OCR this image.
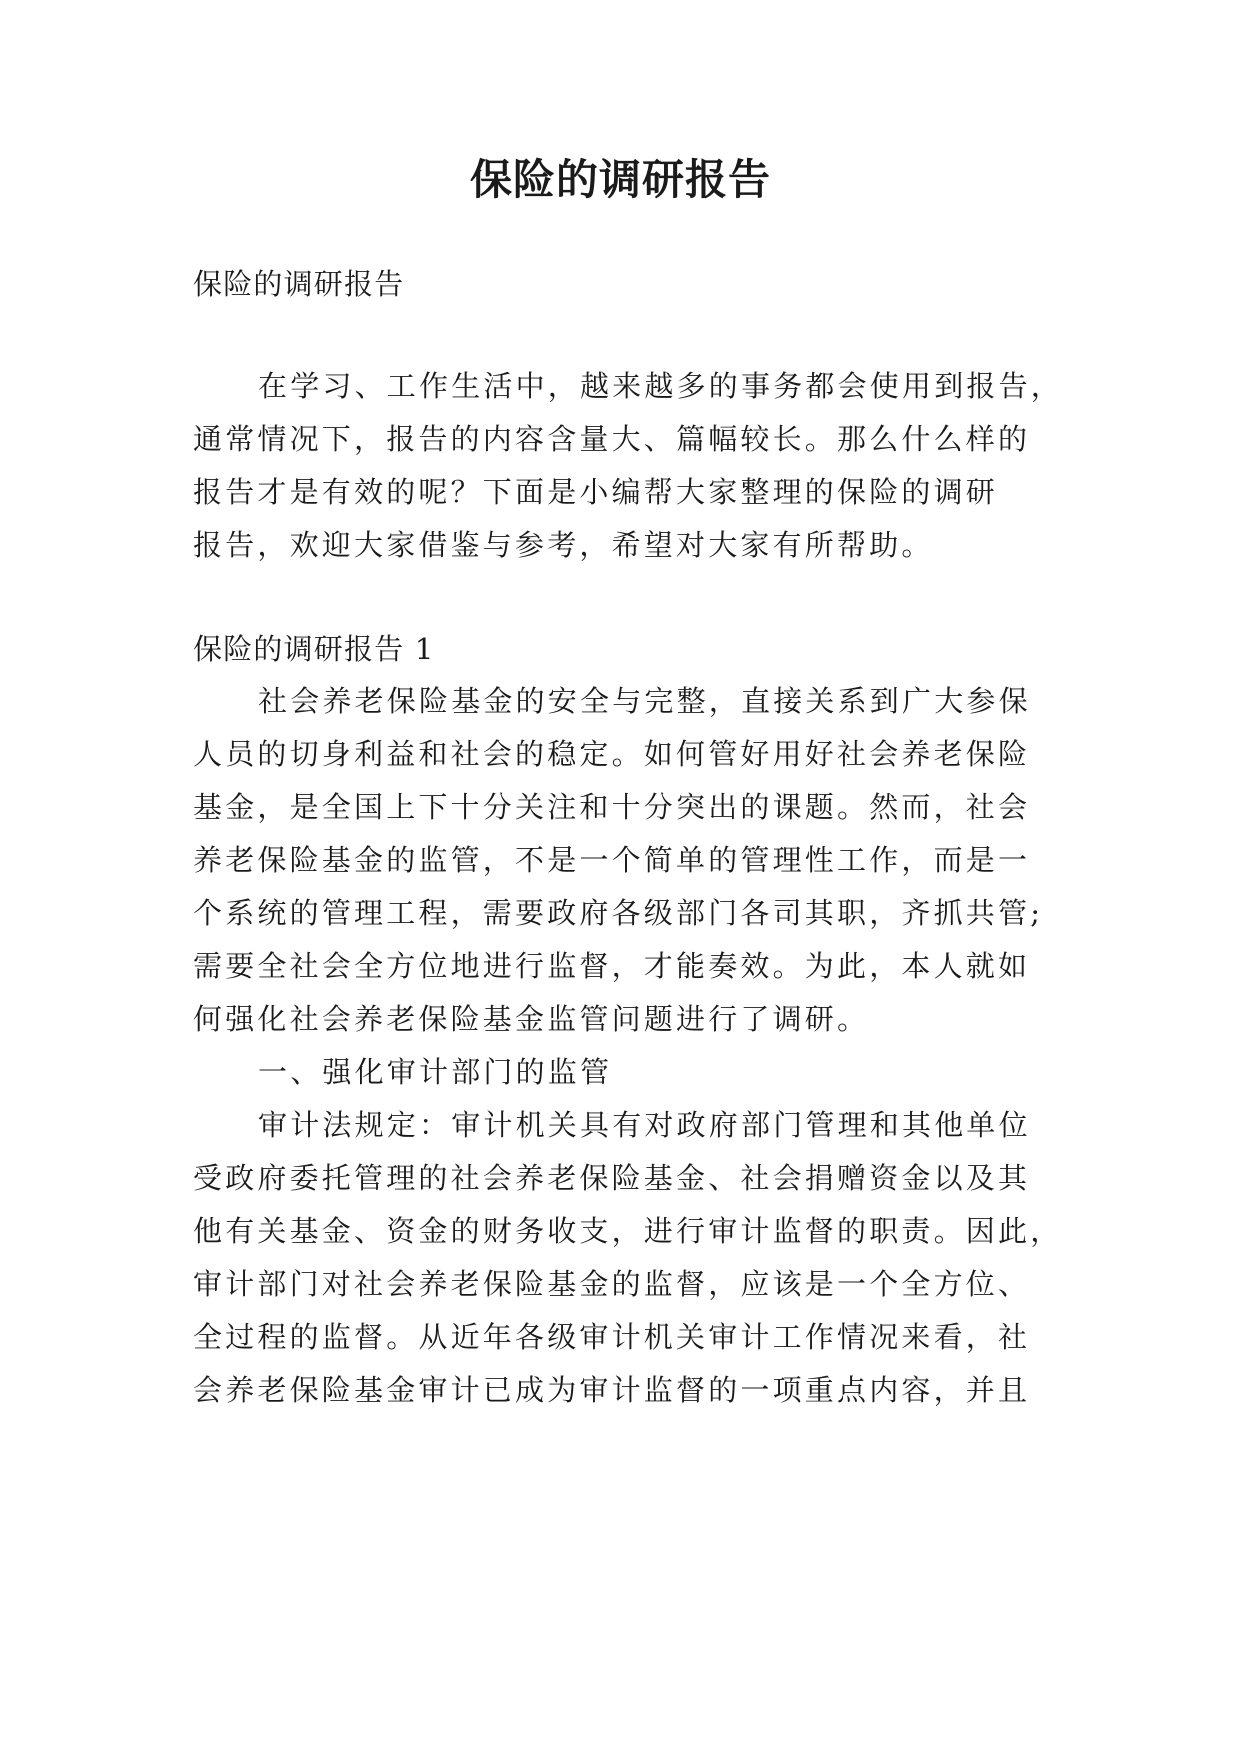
保险的调研报告

保险的调研报告

在学习、工作生活中，越来越多的事务都会使用到报告，

通常情况下，报告的内容含量大、篇幅较长。那么什么样的

报告才是有效的呢？下面是小编帮大家整理的保险的调研

报告，欢迎大家借鉴与参考，希望对大家有所帮助。

保险的调研报告 1

社会养老保险基金的安全与完整，直接关系到广大参保

人员的切身利益和社会的稳定。如何管好用好社会养老保险

基金，是全国上下十分关注和十分突出的课题。然而，社会

养老保险基金的监管，不是一个简单的管理性工作，而是一

个系统的管理工程，需要政府各级部门各司其职，齐抓共管;

需要全社会全方位地进行监督，才能奏效。为此，本人就如

何强化社会养老保险基金监管问题进行了调研。

一、强化审计部门的监管

审计法规定：审计机关具有对政府部门管理和其他单位

受政府委托管理的社会养老保险基金、社会捐赠资金以及其

他有关基金、资金的财务收支，进行审计监督的职责。因此，

审计部门对社会养老保险基金的监督，应该是一个全方位、

全过程的监督。从近年各级审计机关审计工作情况来看，社

会养老保险基金审计已成为审计监督的一项重点内容，并且
